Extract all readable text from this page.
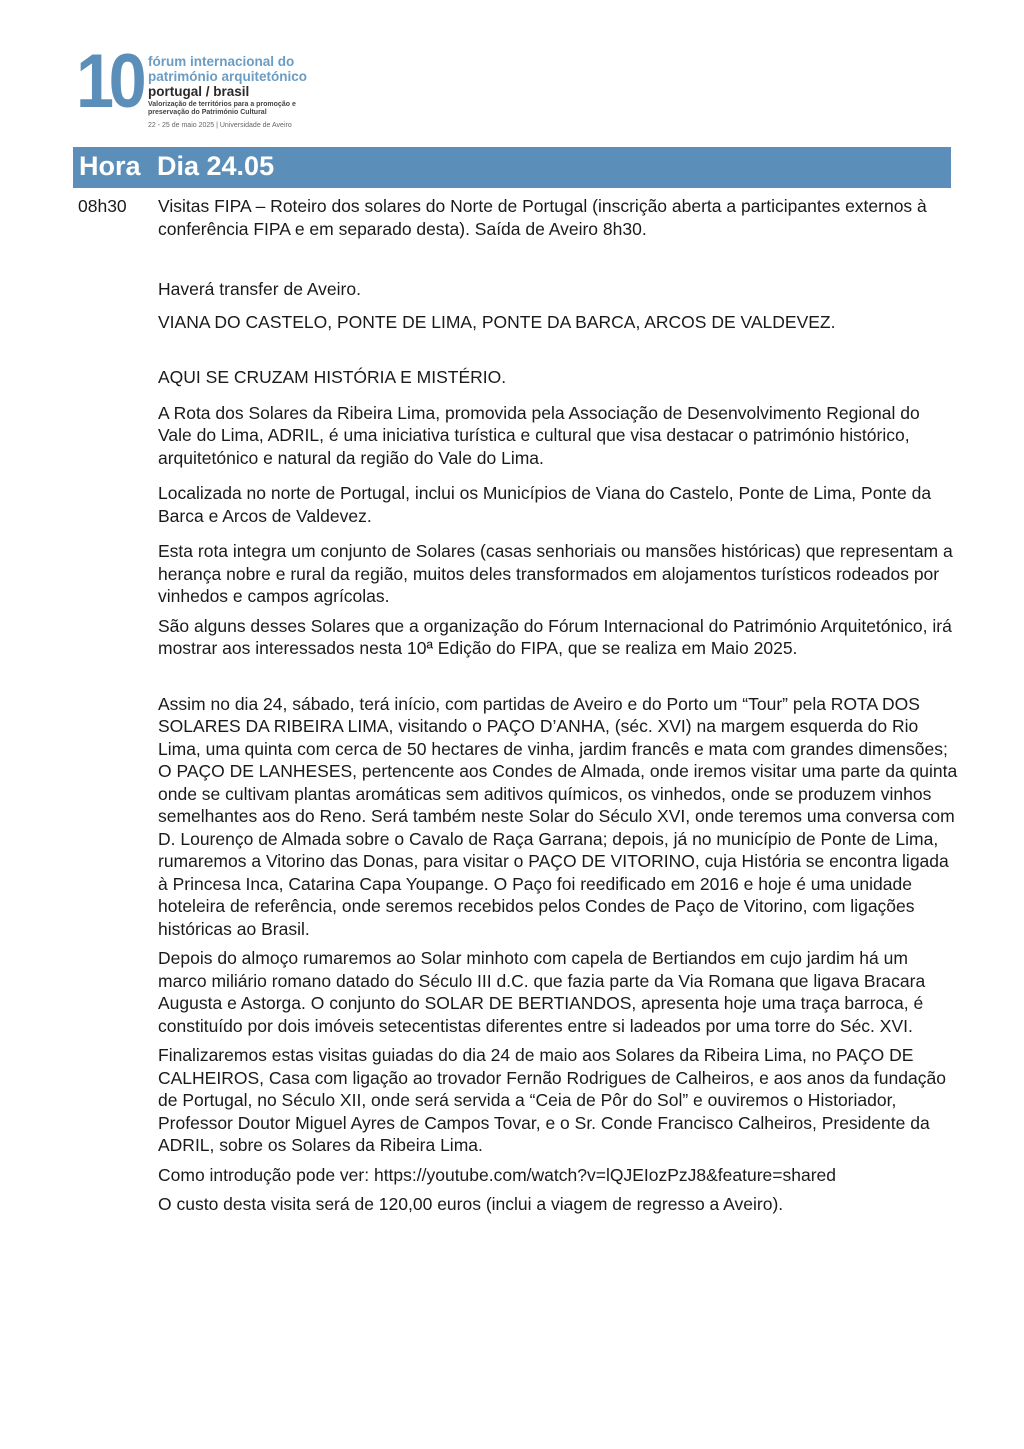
10 fórum internacional do
património arquitetónico
portugal / brasil
Valorização de territórios para a promoção e
preservação do Património Cultural
22 - 25 de maio 2025 | Universidade de Aveiro
Hora Dia 24.05
08h30 Visitas FIPA – Roteiro dos solares do Norte de Portugal (inscrição aberta a participantes externos à conferência FIPA e em separado desta). Saída de Aveiro 8h30.

Haverá transfer de Aveiro.

VIANA DO CASTELO, PONTE DE LIMA, PONTE DA BARCA, ARCOS DE VALDEVEZ.

AQUI SE CRUZAM HISTÓRIA E MISTÉRIO.

A Rota dos Solares da Ribeira Lima, promovida pela Associação de Desenvolvimento Regional do Vale do Lima, ADRIL, é uma iniciativa turística e cultural que visa destacar o património histórico, arquitetónico e natural da região do Vale do Lima.

Localizada no norte de Portugal, inclui os Municípios de Viana do Castelo, Ponte de Lima, Ponte da Barca e Arcos de Valdevez.

Esta rota integra um conjunto de Solares (casas senhoriais ou mansões históricas) que representam a herança nobre e rural da região, muitos deles transformados em alojamentos turísticos rodeados por vinhedos e campos agrícolas.

São alguns desses Solares que a organização do Fórum Internacional do Património Arquitetónico, irá mostrar aos interessados nesta 10ª Edição do FIPA, que se realiza em Maio 2025.

Assim no dia 24, sábado, terá início, com partidas de Aveiro e do Porto um “Tour” pela ROTA DOS SOLARES DA RIBEIRA LIMA, visitando o PAÇO D’ANHA, (séc. XVI) na margem esquerda do Rio Lima, uma quinta com cerca de 50 hectares de vinha, jardim francês e mata com grandes dimensões; O PAÇO DE LANHESES, pertencente aos Condes de Almada, onde iremos visitar uma parte da quinta onde se cultivam plantas aromáticas sem aditivos químicos, os vinhedos, onde se produzem vinhos semelhantes aos do Reno. Será também neste Solar do Século XVI, onde teremos uma conversa com D. Lourenço de Almada sobre o Cavalo de Raça Garrana; depois, já no município de Ponte de Lima, rumaremos a Vitorino das Donas, para visitar o PAÇO DE VITORINO, cuja História se encontra ligada à Princesa Inca, Catarina Capa Youpange. O Paço foi reedificado em 2016 e hoje é uma unidade hoteleira de referência, onde seremos recebidos pelos Condes de Paço de Vitorino, com ligações históricas ao Brasil.

Depois do almoço rumaremos ao Solar minhoto com capela de Bertiandos em cujo jardim há um marco miliário romano datado do Século III d.C. que fazia parte da Via Romana que ligava Bracara Augusta e Astorga. O conjunto do SOLAR DE BERTIANDOS, apresenta hoje uma traça barroca, é constituído por dois imóveis setecentistas diferentes entre si ladeados por uma torre do Séc. XVI.

Finalizaremos estas visitas guiadas do dia 24 de maio aos Solares da Ribeira Lima, no PAÇO DE CALHEIROS, Casa com ligação ao trovador Fernão Rodrigues de Calheiros, e aos anos da fundação de Portugal, no Século XII, onde será servida a “Ceia de Pôr do Sol” e ouviremos o Historiador, Professor Doutor Miguel Ayres de Campos Tovar, e o Sr. Conde Francisco Calheiros, Presidente da ADRIL, sobre os Solares da Ribeira Lima.

Como introdução pode ver: https://youtube.com/watch?v=lQJEIozPzJ8&feature=shared

O custo desta visita será de 120,00 euros (inclui a viagem de regresso a Aveiro).
